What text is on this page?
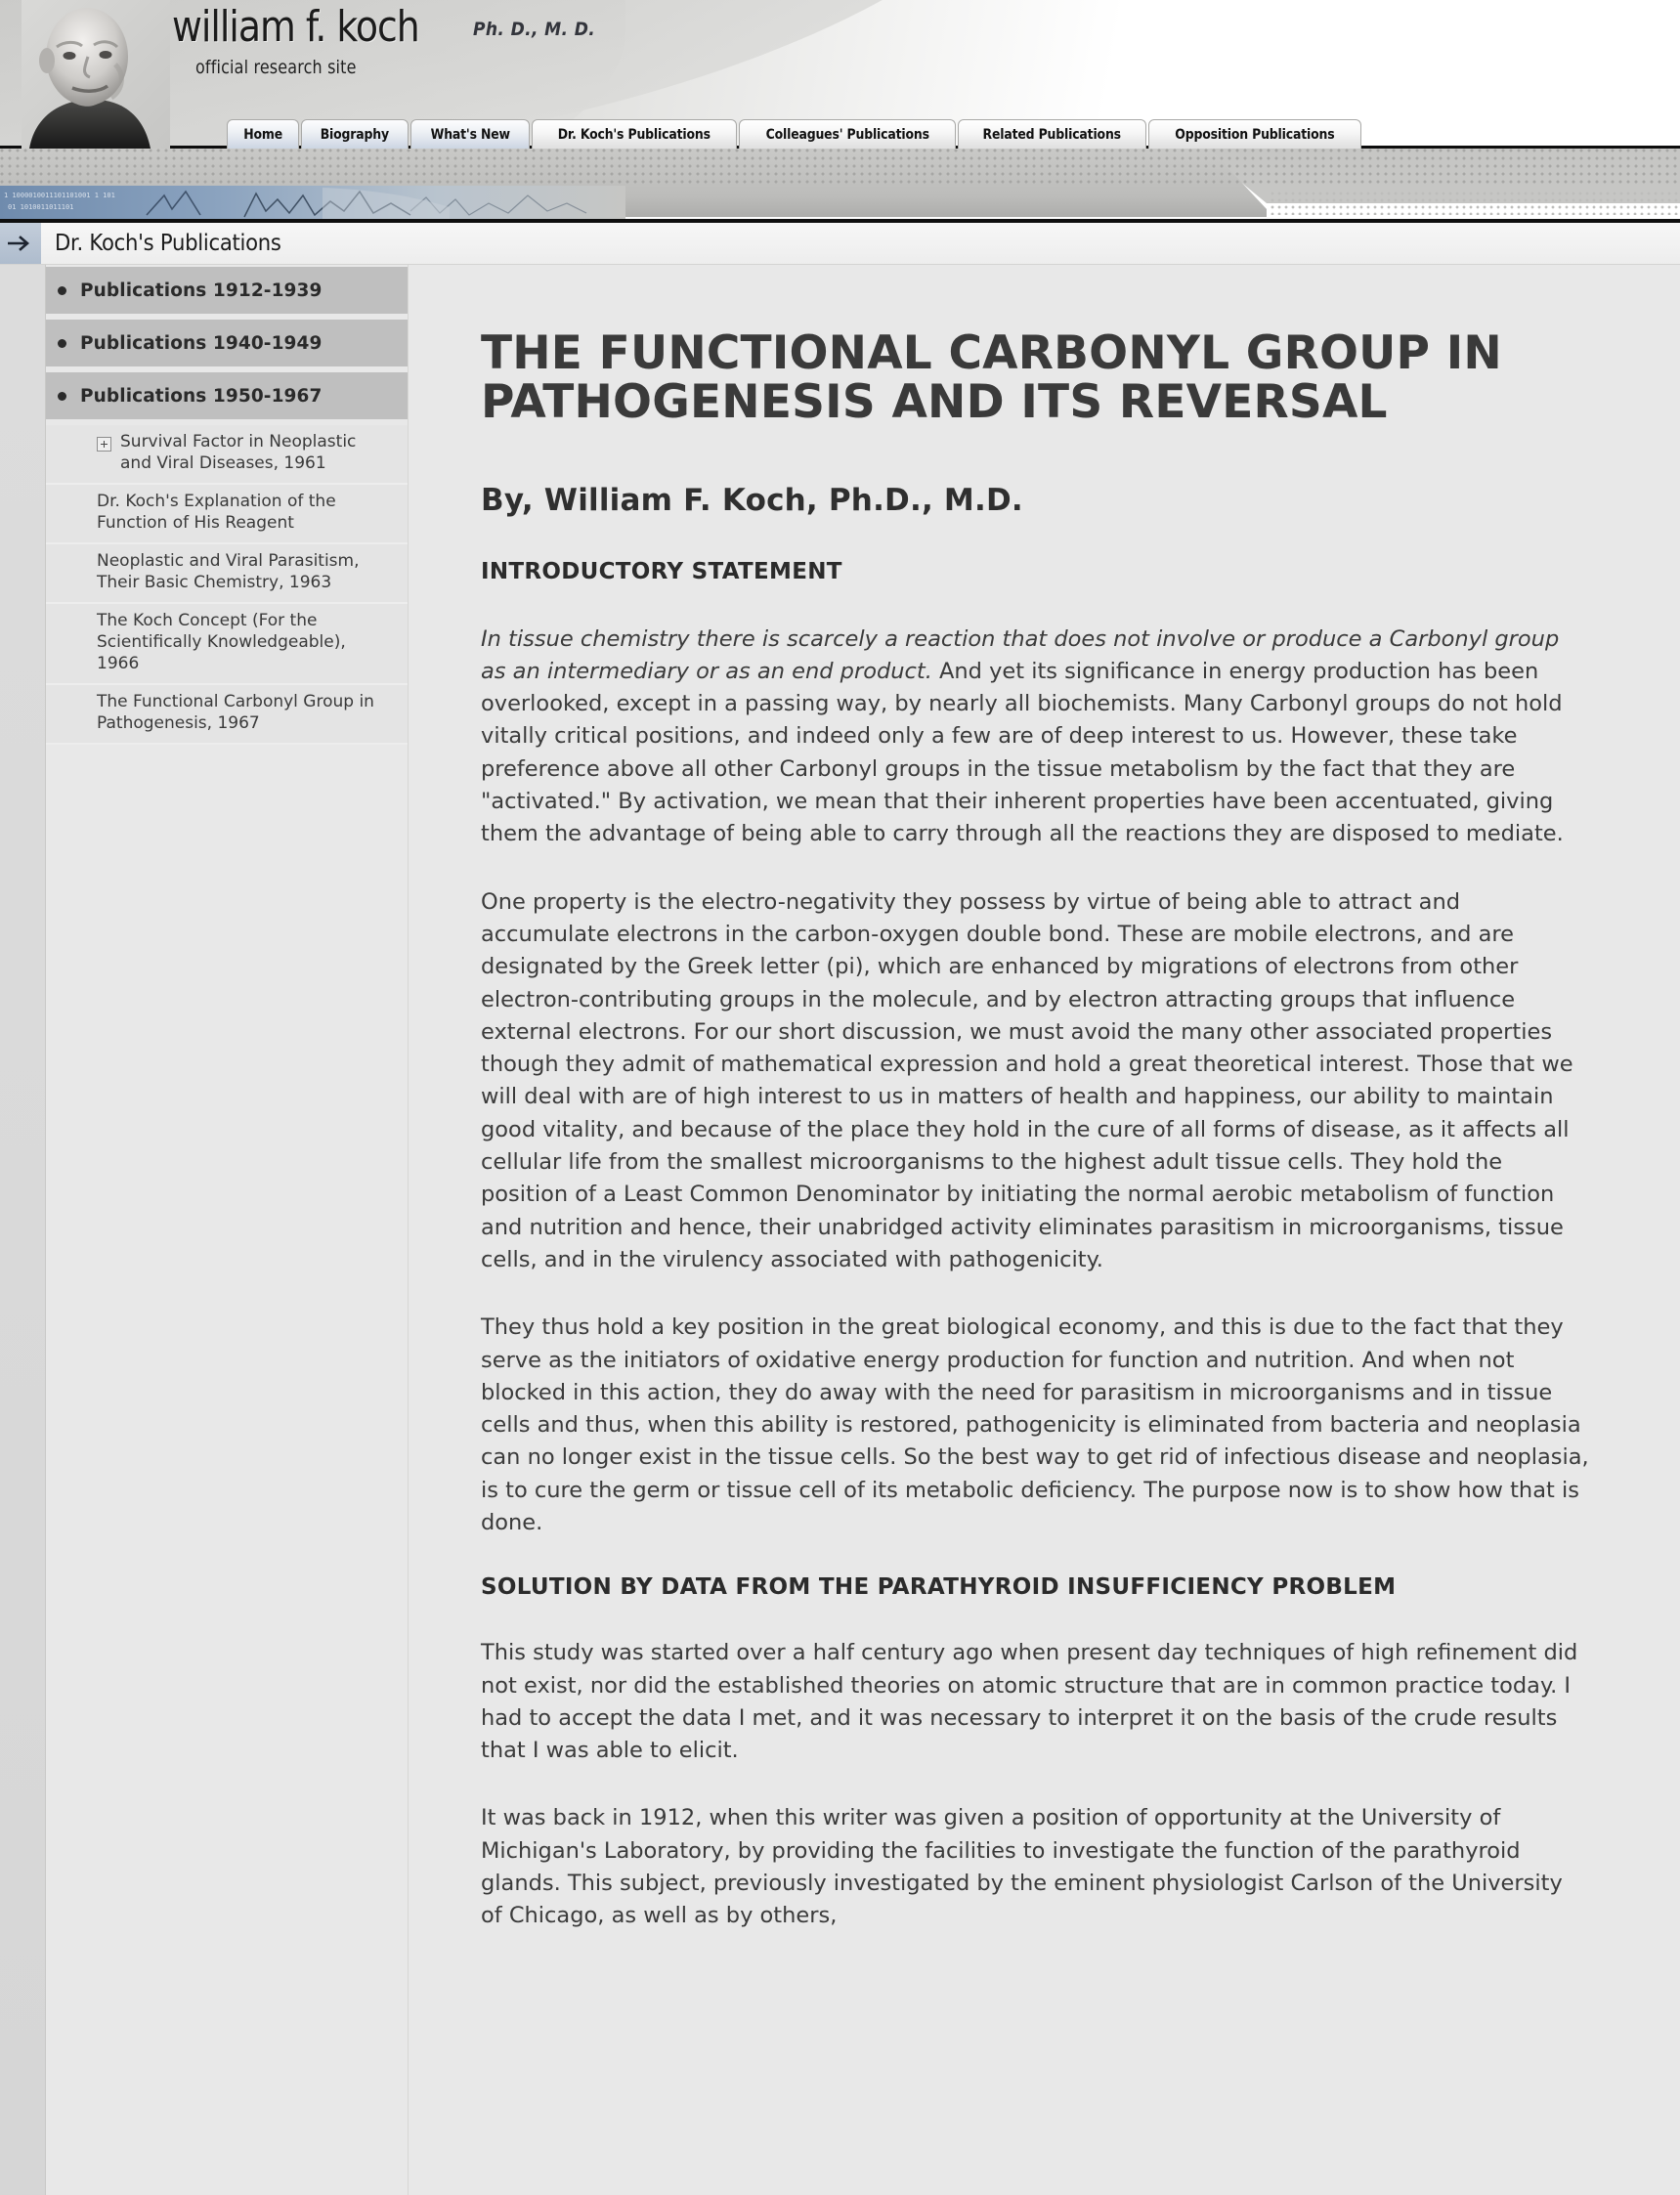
william f. koch	Ph. D., M. D.
official research site
Home	Biography	What's New	Dr. Koch's Publications	Colleagues' Publications	Related Publications	Opposition Publications
1 1000010011101101001 1 101
01 1010011011101
Dr. Koch's Publications
Publications 1912-1939
Publications 1940-1949
Publications 1950-1967
Survival Factor in Neoplastic and Viral Diseases, 1961
Dr. Koch's Explanation of the Function of His Reagent
Neoplastic and Viral Parasitism, Their Basic Chemistry, 1963
The Koch Concept (For the Scientifically Knowledgeable), 1966
The Functional Carbonyl Group in Pathogenesis, 1967
THE FUNCTIONAL CARBONYL GROUP IN PATHOGENESIS AND ITS REVERSAL
By, William F. Koch, Ph.D., M.D.
INTRODUCTORY STATEMENT

In tissue chemistry there is scarcely a reaction that does not involve or produce a Carbonyl group as an intermediary or as an end product. And yet its significance in energy production has been overlooked, except in a passing way, by nearly all biochemists. Many Carbonyl groups do not hold vitally critical positions, and indeed only a few are of deep interest to us. However, these take preference above all other Carbonyl groups in the tissue metabolism by the fact that they are "activated." By activation, we mean that their inherent properties have been accentuated, giving them the advantage of being able to carry through all the reactions they are disposed to mediate.

One property is the electro-negativity they possess by virtue of being able to attract and accumulate electrons in the carbon-oxygen double bond. These are mobile electrons, and are designated by the Greek letter (pi), which are enhanced by migrations of electrons from other electron-contributing groups in the molecule, and by electron attracting groups that influence external electrons. For our short discussion, we must avoid the many other associated properties though they admit of mathematical expression and hold a great theoretical interest. Those that we will deal with are of high interest to us in matters of health and happiness, our ability to maintain good vitality, and because of the place they hold in the cure of all forms of disease, as it affects all cellular life from the smallest microorganisms to the highest adult tissue cells. They hold the position of a Least Common Denominator by initiating the normal aerobic metabolism of function and nutrition and hence, their unabridged activity eliminates parasitism in microorganisms, tissue cells, and in the virulency associated with pathogenicity.

They thus hold a key position in the great biological economy, and this is due to the fact that they serve as the initiators of oxidative energy production for function and nutrition. And when not blocked in this action, they do away with the need for parasitism in microorganisms and in tissue cells and thus, when this ability is restored, pathogenicity is eliminated from bacteria and neoplasia can no longer exist in the tissue cells. So the best way to get rid of infectious disease and neoplasia, is to cure the germ or tissue cell of its metabolic deficiency. The purpose now is to show how that is done.

SOLUTION BY DATA FROM THE PARATHYROID INSUFFICIENCY PROBLEM

This study was started over a half century ago when present day techniques of high refinement did not exist, nor did the established theories on atomic structure that are in common practice today. I had to accept the data I met, and it was necessary to interpret it on the basis of the crude results that I was able to elicit.

It was back in 1912, when this writer was given a position of opportunity at the University of Michigan's Laboratory, by providing the facilities to investigate the function of the parathyroid glands. This subject, previously investigated by the eminent physiologist Carlson of the University of Chicago, as well as by others,
